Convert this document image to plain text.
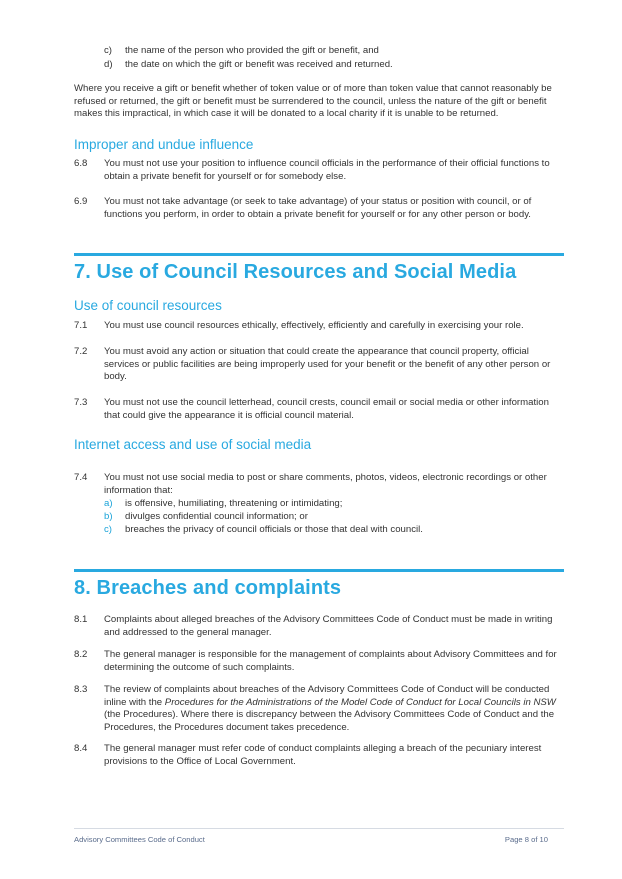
c) the name of the person who provided the gift or benefit, and
d) the date on which the gift or benefit was received and returned.
Where you receive a gift or benefit whether of token value or of more than token value that cannot reasonably be refused or returned, the gift or benefit must be surrendered to the council, unless the nature of the gift or benefit makes this impractical, in which case it will be donated to a local charity if it is unable to be returned.
Improper and undue influence
6.8 You must not use your position to influence council officials in the performance of their official functions to obtain a private benefit for yourself or for somebody else.
6.9 You must not take advantage (or seek to take advantage) of your status or position with council, or of functions you perform, in order to obtain a private benefit for yourself or for any other person or body.
7. Use of Council Resources and Social Media
Use of council resources
7.1 You must use council resources ethically, effectively, efficiently and carefully in exercising your role.
7.2 You must avoid any action or situation that could create the appearance that council property, official services or public facilities are being improperly used for your benefit or the benefit of any other person or body.
7.3 You must not use the council letterhead, council crests, council email or social media or other information that could give the appearance it is official council material.
Internet access and use of social media
7.4 You must not use social media to post or share comments, photos, videos, electronic recordings or other information that:
a) is offensive, humiliating, threatening or intimidating;
b) divulges confidential council information; or
c) breaches the privacy of council officials or those that deal with council.
8. Breaches and complaints
8.1 Complaints about alleged breaches of the Advisory Committees Code of Conduct must be made in writing and addressed to the general manager.
8.2 The general manager is responsible for the management of complaints about Advisory Committees and for determining the outcome of such complaints.
8.3 The review of complaints about breaches of the Advisory Committees Code of Conduct will be conducted inline with the Procedures for the Administrations of the Model Code of Conduct for Local Councils in NSW (the Procedures). Where there is discrepancy between the Advisory Committees Code of Conduct and the Procedures, the Procedures document takes precedence.
8.4 The general manager must refer code of conduct complaints alleging a breach of the pecuniary interest provisions to the Office of Local Government.
Advisory Committees Code of Conduct	Page 8 of 10
